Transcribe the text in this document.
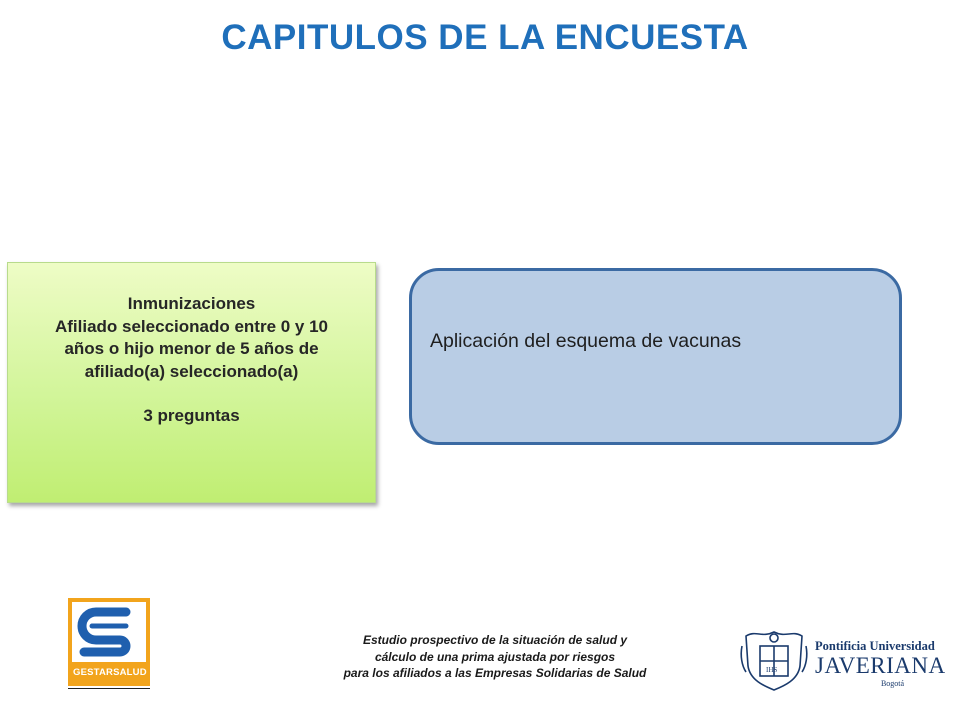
CAPITULOS DE LA ENCUESTA
Inmunizaciones
Afiliado seleccionado entre 0 y 10
años o hijo menor de 5 años de
afiliado(a) seleccionado(a)
3 preguntas
Aplicación del esquema de vacunas
GESTARSALUD	IHS
Pontificia Universidad
JAVERIANA
Bogotá
Estudio prospectivo de la situación de salud y
cálculo de una prima ajustada por riesgos
para los afiliados a las Empresas Solidarias de Salud
